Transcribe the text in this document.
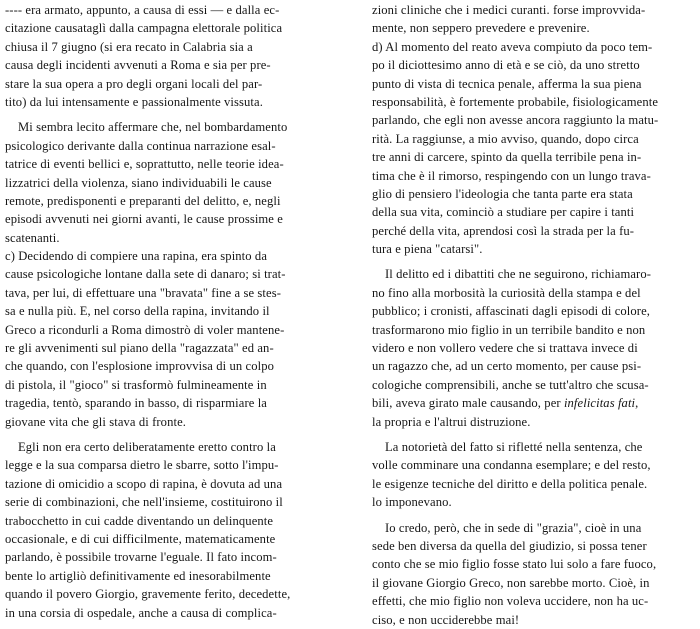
---- era armato, appunto, a causa di essi — e dalla ec-
citazione causataglì dalla campagna elettorale politica
chiusa il 7 giugno (si era recato in Calabria sia a
causa degli incidenti avvenuti a Roma e sia per pre-
stare la sua opera a pro degli organi locali del par-
tito) da lui intensamente e passionalmente vissuta.
Mi sembra lecito affermare che, nel bombardamento
psicologico derivante dalla continua narrazione esal-
tatrice di eventi bellici e, soprattutto, nelle teorie idea-
lizzatrici della violenza, siano individuabili le cause
remote, predisponenti e preparanti del delitto, e, negli
episodi avvenuti nei giorni avanti, le cause prossime e
scatenanti.
c) Decidendo di compiere una rapina, era spinto da
cause psicologiche lontane dalla sete di danaro; si trat-
tava, per lui, di effettuare una "bravata" fine a se stes-
sa e nulla più. E, nel corso della rapina, invitando il
Greco a ricondurli a Roma dimostrò di voler mantene-
re gli avvenimenti sul piano della "ragazzata" ed an-
che quando, con l'esplosione improvvisa di un colpo
di pistola, il "gioco" si trasformò fulmineamente in
tragedia, tentò, sparando in basso, di risparmiare la
giovane vita che gli stava di fronte.
Egli non era certo deliberatamente eretto contro la
legge e la sua comparsa dietro le sbarre, sotto l'impu-
tazione di omicidio a scopo di rapina, è dovuta ad una
serie di combinazioni, che nell'insieme, costituirono il
trabocchetto in cui cadde diventando un delinquente
occasionale, e di cui difficilmente, matematicamente
parlando, è possibile trovarne l'eguale. Il fato incom-
bente lo artigliò definitivamente ed inesorabilmente
quando il povero Giorgio, gravemente ferito, decedette,
in una corsia di ospedale, anche a causa di complica-
zioni cliniche che i medici curanti. forse improvvida-
mente, non seppero prevedere e prevenire.
d) Al momento del reato aveva compiuto da poco tem-
po il diciottesimo anno di età e se ciò, da uno stretto
punto di vista di tecnica penale, afferma la sua piena
responsabilità, è fortemente probabile, fisiologicamente
parlando, che egli non avesse ancora raggiunto la matu-
rità. La raggiunse, a mio avviso, quando, dopo circa
tre anni di carcere, spinto da quella terribile pena in-
tima che è il rimorso, respingendo con un lungo trava-
glio di pensiero l'ideologia che tanta parte era stata
della sua vita, cominciò a studiare per capire i tanti
perché della vita, aprendosi così la strada per la fu-
tura e piena "catarsi".
Il delitto ed i dibattiti che ne seguirono, richiamaro-
no fino alla morbosità la curiosità della stampa e del
pubblico; i cronisti, affascinati dagli episodi di colore,
trasformarono mio figlio in un terribile bandito e non
videro e non vollero vedere che si trattava invece di
un ragazzo che, ad un certo momento, per cause psi-
cologiche comprensibili, anche se tutt'altro che scusa-
bili, aveva girato male causando, per infelicitas fati,
la propria e l'altrui distruzione.
La notorietà del fatto si rifletté nella sentenza, che
volle comminare una condanna esemplare; e del resto,
le esigenze tecniche del diritto e della politica penale.
lo imponevano.
Io credo, però, che in sede di "grazia", cioè in una
sede ben diversa da quella del giudizio, si possa tener
conto che se mio figlio fosse stato lui solo a fare fuoco,
il giovane Giorgio Greco, non sarebbe morto. Cioè, in
effetti, che mio figlio non voleva uccidere, non ha uc-
ciso, e non ucciderebbe mai!
